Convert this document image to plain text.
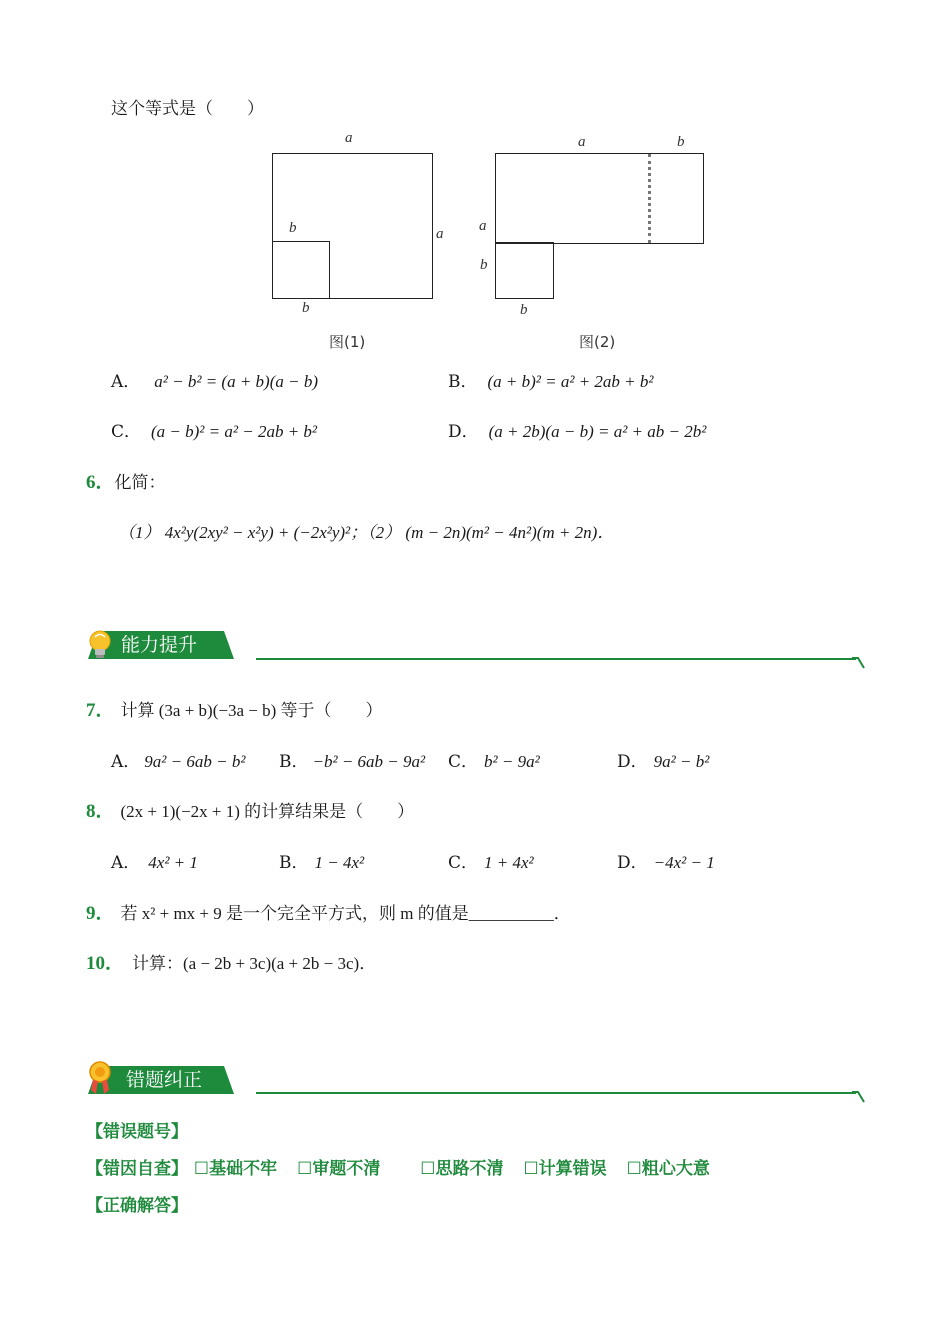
这个等式是（　　）
a
a
b
b
图(1)
a	b
a
b
b
图(2)
A． a² − b² = (a + b)(a − b)	B． (a + b)² = a² + 2ab + b²
C． (a − b)² = a² − 2ab + b²	D． (a + 2b)(a − b) = a² + ab − 2b²
6．化简：
（1） 4x²y(2xy² − x²y) + (−2x²y)²；（2） (m − 2n)(m² − 4n²)(m + 2n)．
能力提升
7． 计算 (3a + b)(−3a − b) 等于（　　）
A． 9a² − 6ab − b² B． −b² − 6ab − 9a² C． b² − 9a²	D． 9a² − b²
8． (2x + 1)(−2x + 1) 的计算结果是（　　）
A． 4x² + 1	B． 1 − 4x²	C． 1 + 4x²	D． −4x² − 1
9． 若 x² + mx + 9 是一个完全平方式，则 m 的值是__________．
10． 计算：(a − 2b + 3c)(a + 2b − 3c)．
错题纠正
【错误题号】
【错因自查】 ☐基础不牢 ☐审题不清 ☐思路不清 ☐计算错误 ☐粗心大意
【正确解答】
